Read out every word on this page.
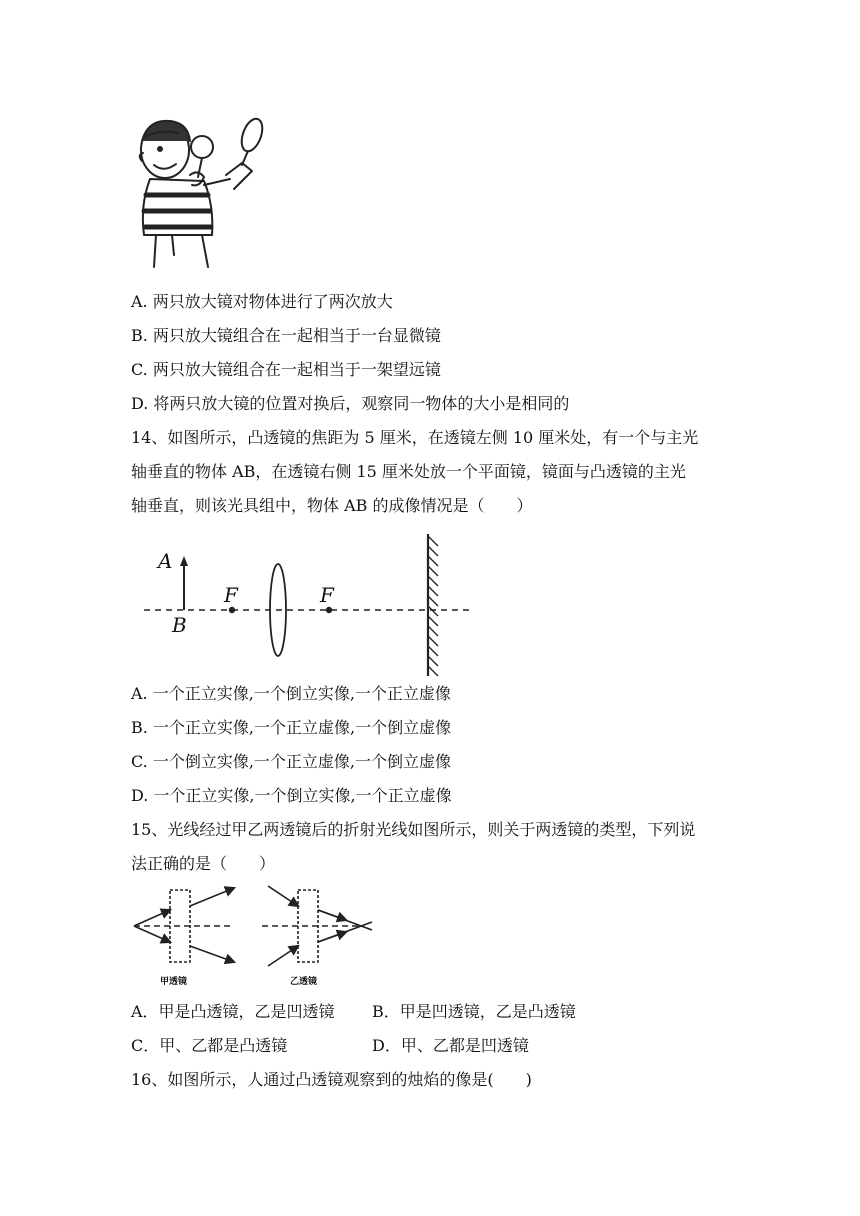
A. 两只放大镜对物体进行了两次放大
B. 两只放大镜组合在一起相当于一台显微镜
C. 两只放大镜组合在一起相当于一架望远镜
D. 将两只放大镜的位置对换后，观察同一物体的大小是相同的
14、如图所示，凸透镜的焦距为 5 厘米，在透镜左侧 10 厘米处，有一个与主光
轴垂直的物体 AB，在透镜右侧 15 厘米处放一个平面镜，镜面与凸透镜的主光
轴垂直，则该光具组中，物体 AB 的成像情况是（　　）
A
B
F	F
A. 一个正立实像,一个倒立实像,一个正立虚像
B. 一个正立实像,一个正立虚像,一个倒立虚像
C. 一个倒立实像,一个正立虚像,一个倒立虚像
D. 一个正立实像,一个倒立实像,一个正立虚像
15、光线经过甲乙两透镜后的折射光线如图所示，则关于两透镜的类型，下列说
法正确的是（　　）
甲透镜	乙透镜
A．甲是凸透镜，乙是凹透镜 B．甲是凹透镜，乙是凸透镜
C．甲、乙都是凸透镜	D．甲、乙都是凹透镜
16、如图所示，人通过凸透镜观察到的烛焰的像是(　　)
